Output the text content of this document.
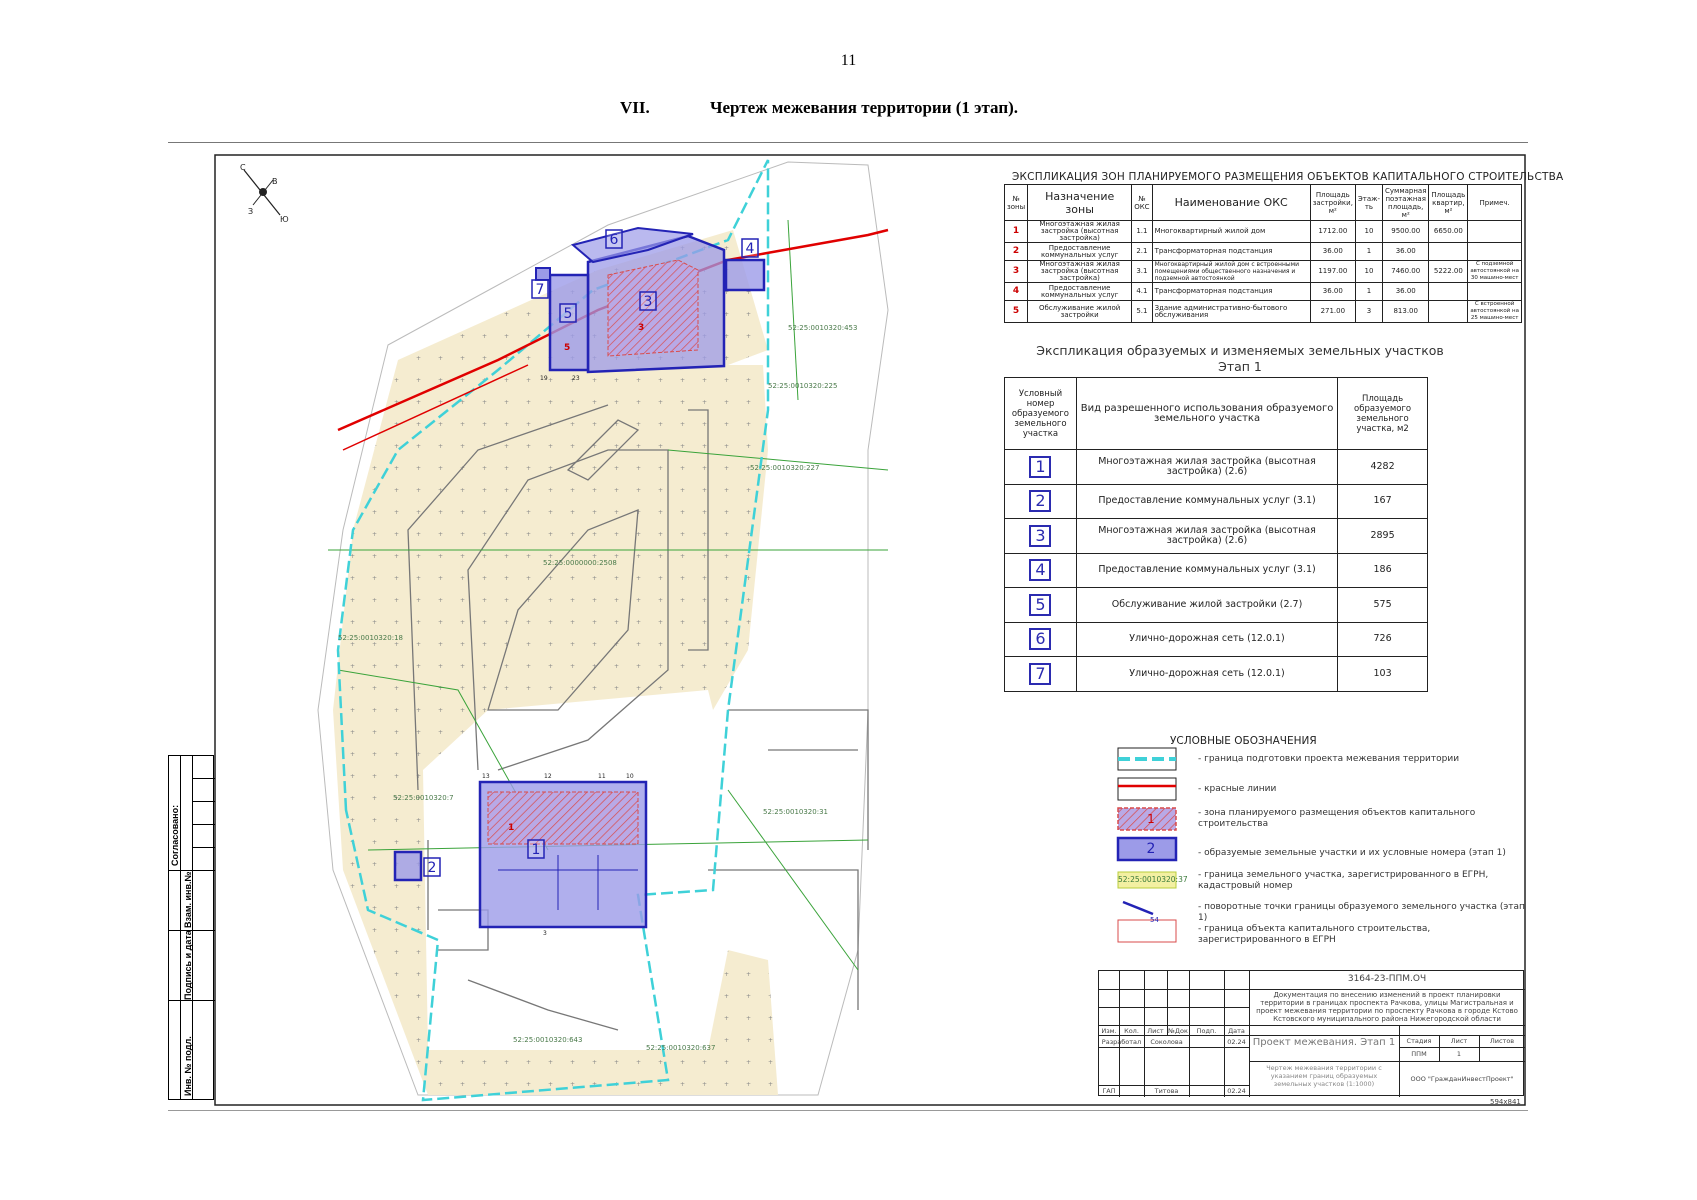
11
VII.	Чертеж межевания территории (1 этап).
1
2
3
4
5
6
7
1
3
5
52:25:0010320:225
52:25:0010320:227
52:25:0000000:2508
52:25:0010320:643
52:25:0010320:637
52:25:0010320:31
52:25:0010320:7
52:25:0010320:453
52:25:0010320:18
13	12	11	10
19	23
3
С
Ю
З
В
1
2
52:25:0010320:37
54
Согласовано:
Взам. инв.№
Подпись и дата
Инв. № подл.
ЭКСПЛИКАЦИЯ ЗОН ПЛАНИРУЕМОГО РАЗМЕЩЕНИЯ ОБЪЕКТОВ КАПИТАЛЬНОГО СТРОИТЕЛЬСТВА
№ зоны	Назначение зоны	№ ОКС	Наименование ОКС	Площадь застройки, м²	Этаж-ть	Суммарная поэтажная площадь, м²	Площадь квартир, м²	Примеч.
1	Многоэтажная жилая застройка (высотная застройка)	1.1	Многоквартирный жилой дом	1712.00	10	9500.00	6650.00	
2	Предоставление коммунальных услуг	2.1	Трансформаторная подстанция	36.00	1	36.00		
3	Многоэтажная жилая застройка (высотная застройка)	3.1	Многоквартирный жилой дом с встроенными помещениями общественного назначения и подземной автостоянкой	1197.00	10	7460.00	5222.00	С подземной автостоянкой на 30 машино-мест
4	Предоставление коммунальных услуг	4.1	Трансформаторная подстанция	36.00	1	36.00		
5	Обслуживание жилой застройки	5.1	Здание административно-бытового обслуживания	271.00	3	813.00		С встроенной автостоянкой на 25 машино-мест
Экспликация образуемых и изменяемых земельных участков
Этап 1
Условный номер образуемого земельного участка	Вид разрешенного использования образуемого земельного участка	Площадь образуемого земельного участка, м2
1	Многоэтажная жилая застройка (высотная застройка) (2.6)	4282
2	Предоставление коммунальных услуг (3.1)	167
3	Многоэтажная жилая застройка (высотная застройка) (2.6)	2895
4	Предоставление коммунальных услуг (3.1)	186
5	Обслуживание жилой застройки (2.7)	575
6	Улично-дорожная сеть (12.0.1)	726
7	Улично-дорожная сеть (12.0.1)	103
УСЛОВНЫЕ ОБОЗНАЧЕНИЯ
- граница подготовки проекта межевания территории
- красные линии
- зона планируемого размещения объектов капитального строительства
- образуемые земельные участки и их условные номера (этап 1)
- граница земельного участка, зарегистрированного в ЕГРН, кадастровый номер
- поворотные точки границы образуемого земельного участка (этап 1)
- граница объекта капитального строительства, зарегистрированного в ЕГРН
3164-23-ППМ.ОЧ
Документация по внесению изменений в проект планировки территории в границах проспекта Рачкова, улицы Магистральная и проект межевания территории по проспекту Рачкова в городе Кстово Кстовского муниципального района Нижегородской области
Изм.	Кол.	Лист №Док	Подп.	Дата
Разработал	Соколова	02.24
ГАП	Титова	02.24
Проект межевания. Этап 1	Стадия	Лист	Листов
ППМ	1
Чертеж межевания территории с указанием границ образуемых земельных участков (1:1000)
ООО "ГражданИнвестПроект"
594x841
